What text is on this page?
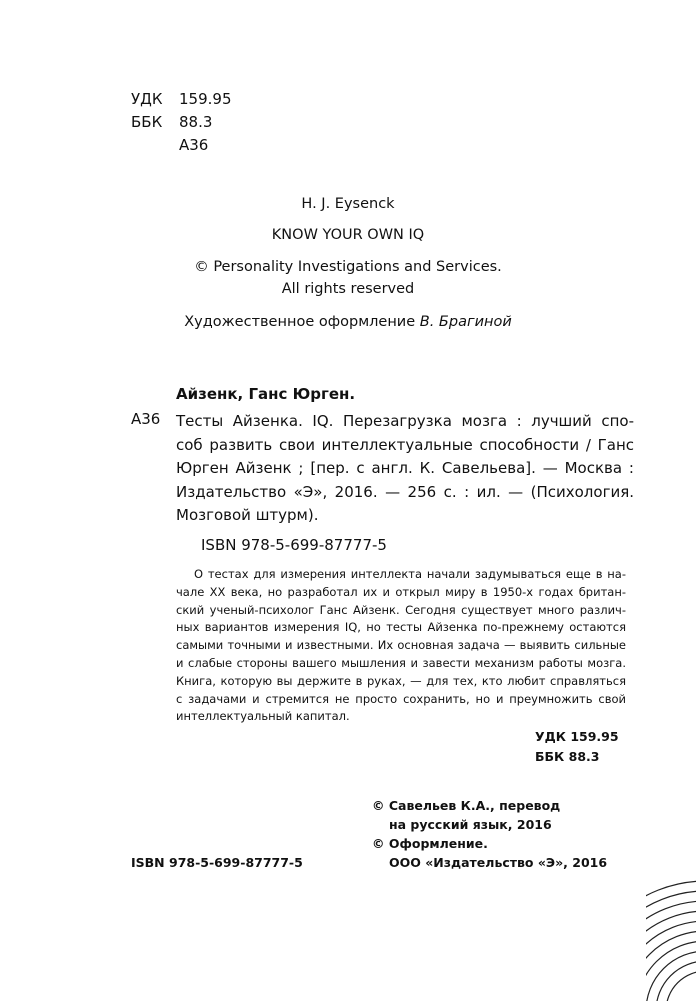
УДК 159.95
ББК 88.3
А36
H. J. Eysenck
KNOW YOUR OWN IQ
© Personality Investigations and Services.
All rights reserved
Художественное оформление В. Брагиной
Айзенк, Ганс Юрген.
А36 Тесты Айзенка. IQ. Перезагрузка мозга : лучший спо-
соб развить свои интеллектуальные способности / Ганс
Юрген Айзенк ; [пер. с англ. К. Савельева]. — Москва :
Издательство «Э», 2016. — 256 с. : ил. — (Психология.
Мозговой штурм).
ISBN 978-5-699-87777-5
О тестах для измерения интеллекта начали задумываться еще в на-
чале XX века, но разработал их и открыл миру в 1950-х годах британ-
ский ученый-психолог Ганс Айзенк. Сегодня существует много различ-
ных вариантов измерения IQ, но тесты Айзенка по-прежнему остаются
самыми точными и известными. Их основная задача — выявить сильные
и слабые стороны вашего мышления и завести механизм работы мозга.
Книга, которую вы держите в руках, — для тех, кто любит справляться
с задачами и стремится не просто сохранить, но и преумножить свой
интеллектуальный капитал.
УДК 159.95
ББК 88.3
© Савельев К.А., перевод
на русский язык, 2016
© Оформление.
ООО «Издательство «Э», 2016
ISBN 978-5-699-87777-5
